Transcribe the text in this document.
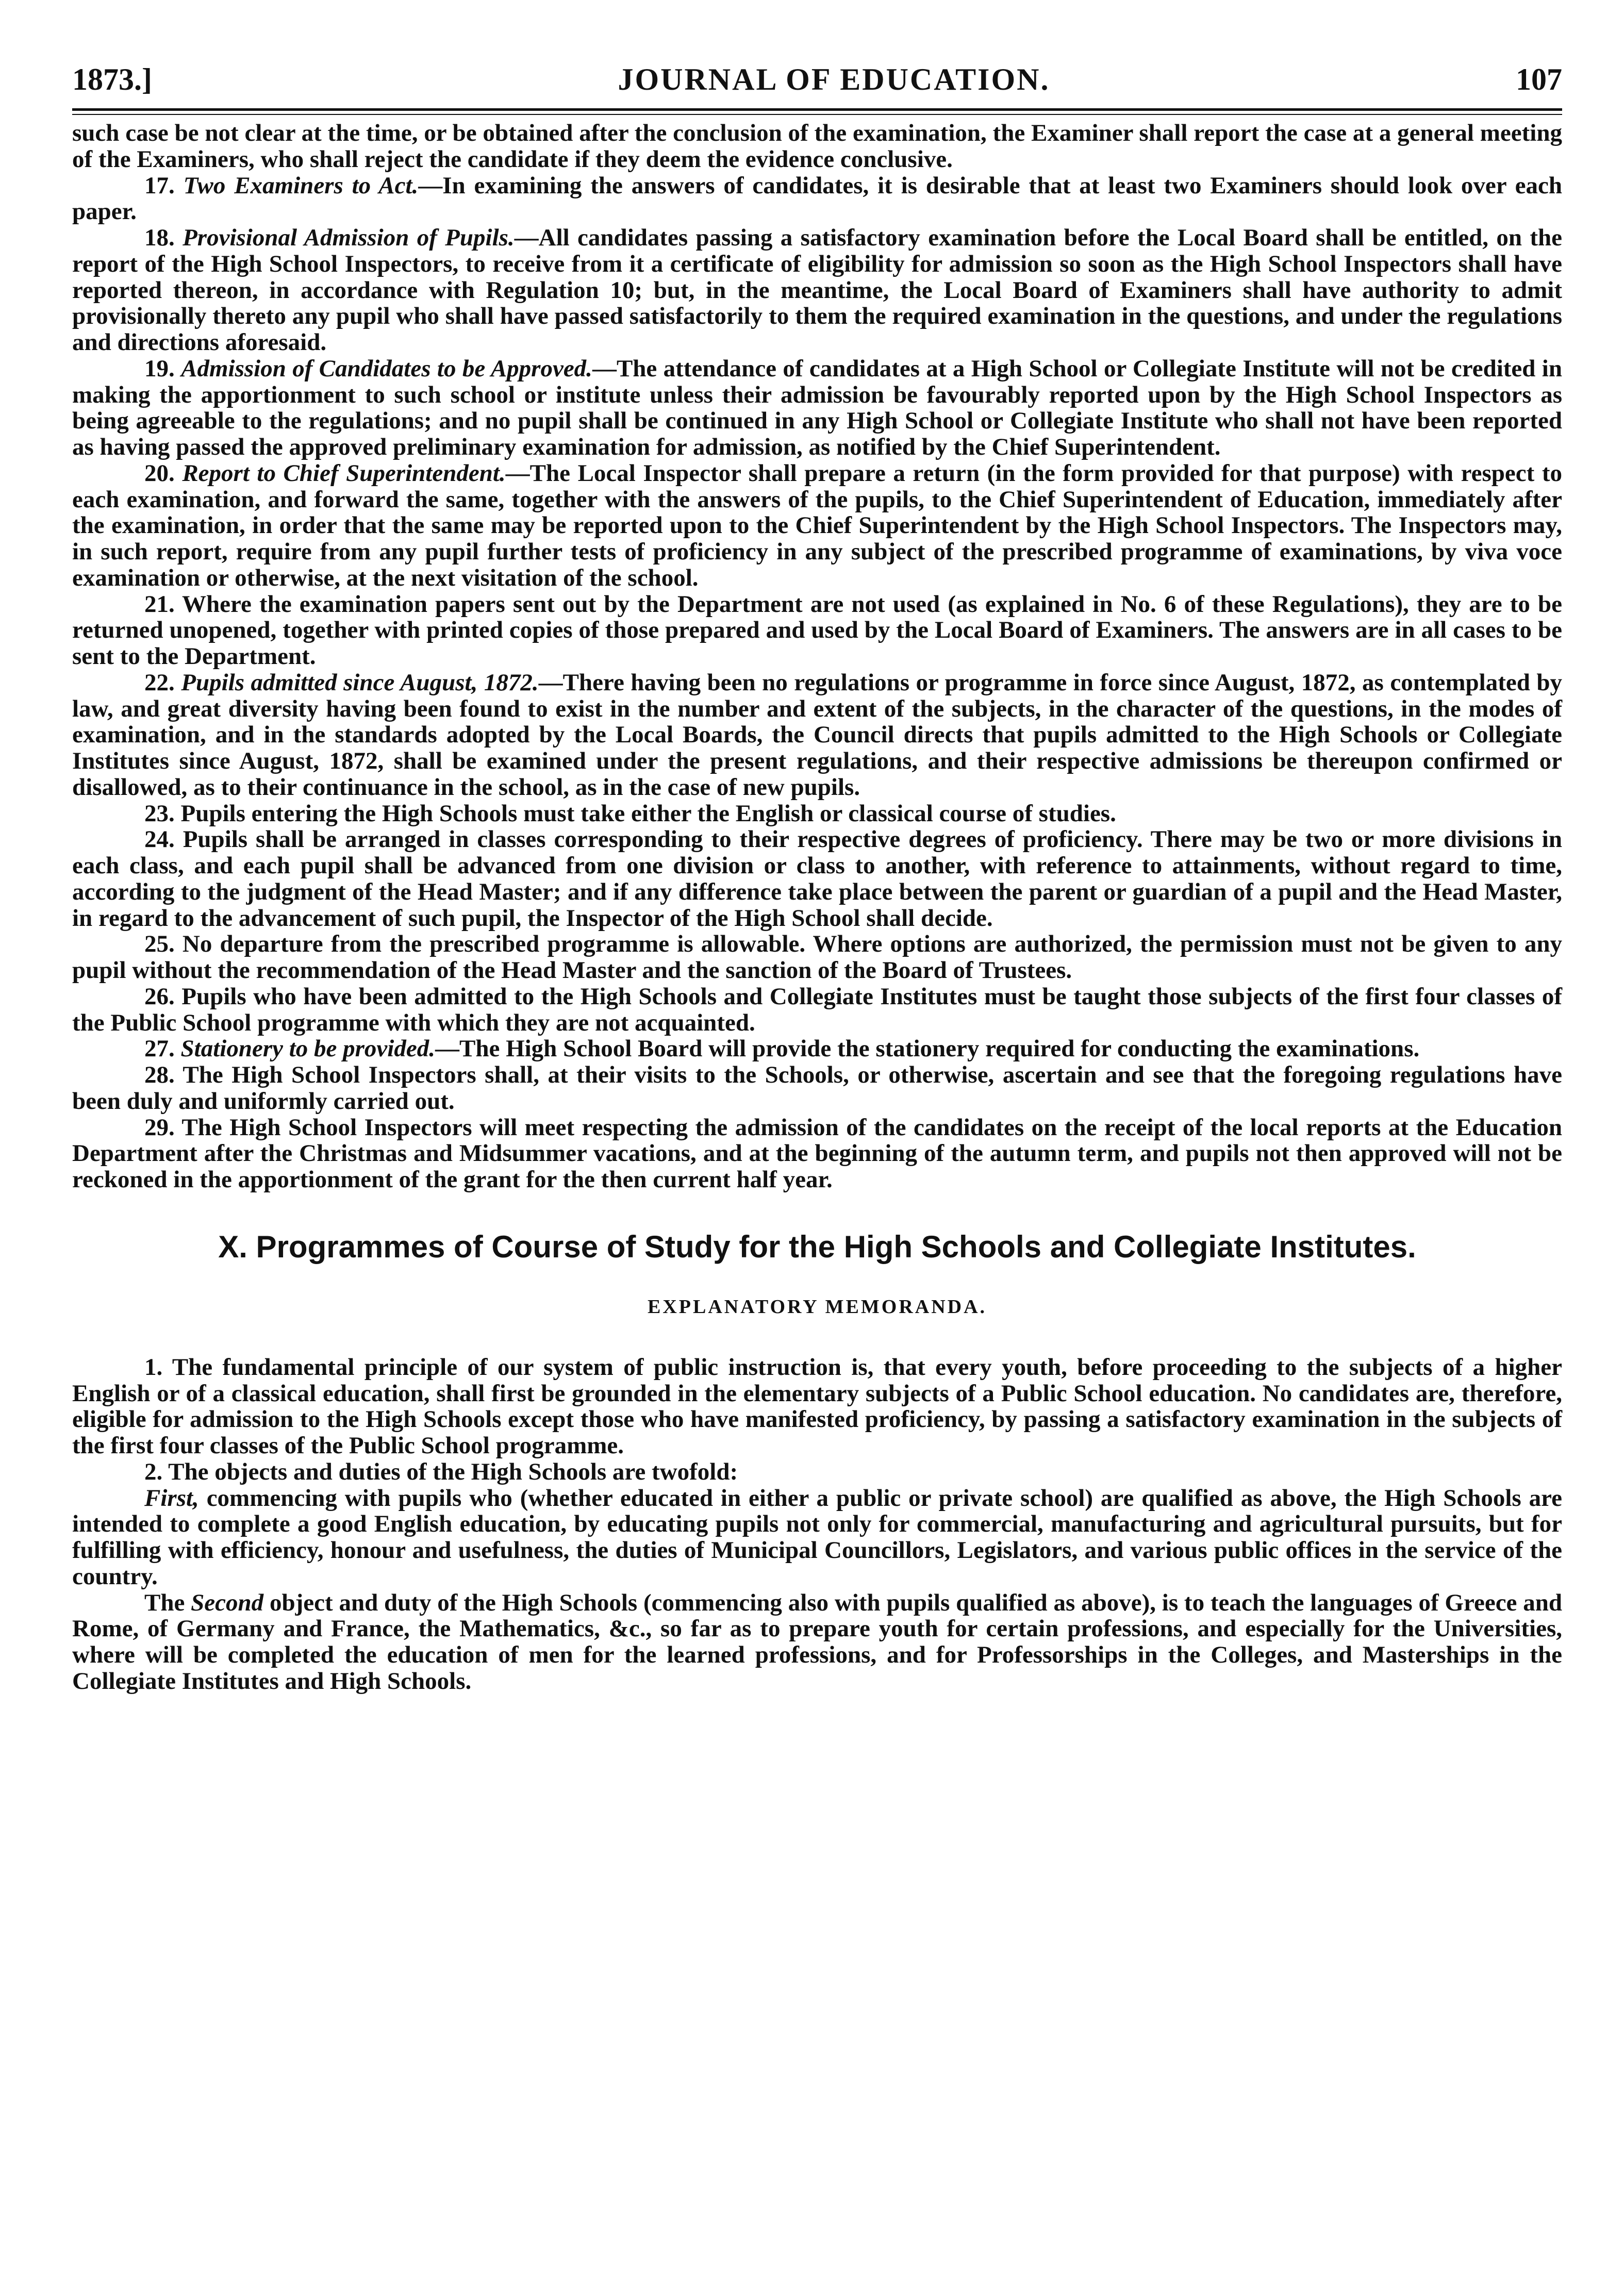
1873.]	JOURNAL OF EDUCATION.	107

such case be not clear at the time, or be obtained after the conclusion of the examination, the Examiner shall report the case at a general meeting of the Examiners, who shall reject the candidate if they deem the evidence conclusive.

17. Two Examiners to Act.—In examining the answers of candidates, it is desirable that at least two Examiners should look over each paper.

18. Provisional Admission of Pupils.—All candidates passing a satisfactory examination before the Local Board shall be entitled, on the report of the High School Inspectors, to receive from it a certificate of eligibility for admission so soon as the High School Inspectors shall have reported thereon, in accordance with Regulation 10; but, in the meantime, the Local Board of Examiners shall have authority to admit provisionally thereto any pupil who shall have passed satisfactorily to them the required examination in the questions, and under the regulations and directions aforesaid.

19. Admission of Candidates to be Approved.—The attendance of candidates at a High School or Collegiate Institute will not be credited in making the apportionment to such school or institute unless their admission be favourably reported upon by the High School Inspectors as being agreeable to the regulations; and no pupil shall be continued in any High School or Collegiate Institute who shall not have been reported as having passed the approved preliminary examination for admission, as notified by the Chief Superintendent.

20. Report to Chief Superintendent.—The Local Inspector shall prepare a return (in the form provided for that purpose) with respect to each examination, and forward the same, together with the answers of the pupils, to the Chief Superintendent of Education, immediately after the examination, in order that the same may be reported upon to the Chief Superintendent by the High School Inspectors. The Inspectors may, in such report, require from any pupil further tests of proficiency in any subject of the prescribed programme of examinations, by viva voce examination or otherwise, at the next visitation of the school.

21. Where the examination papers sent out by the Department are not used (as explained in No. 6 of these Regulations), they are to be returned unopened, together with printed copies of those prepared and used by the Local Board of Examiners. The answers are in all cases to be sent to the Department.

22. Pupils admitted since August, 1872.—There having been no regulations or programme in force since August, 1872, as contemplated by law, and great diversity having been found to exist in the number and extent of the subjects, in the character of the questions, in the modes of examination, and in the standards adopted by the Local Boards, the Council directs that pupils admitted to the High Schools or Collegiate Institutes since August, 1872, shall be examined under the present regulations, and their respective admissions be thereupon confirmed or disallowed, as to their continuance in the school, as in the case of new pupils.

23. Pupils entering the High Schools must take either the English or classical course of studies.

24. Pupils shall be arranged in classes corresponding to their respective degrees of proficiency. There may be two or more divisions in each class, and each pupil shall be advanced from one division or class to another, with reference to attainments, without regard to time, according to the judgment of the Head Master; and if any difference take place between the parent or guardian of a pupil and the Head Master, in regard to the advancement of such pupil, the Inspector of the High School shall decide.

25. No departure from the prescribed programme is allowable. Where options are authorized, the permission must not be given to any pupil without the recommendation of the Head Master and the sanction of the Board of Trustees.

26. Pupils who have been admitted to the High Schools and Collegiate Institutes must be taught those subjects of the first four classes of the Public School programme with which they are not acquainted.

27. Stationery to be provided.—The High School Board will provide the stationery required for conducting the examinations.

28. The High School Inspectors shall, at their visits to the Schools, or otherwise, ascertain and see that the foregoing regulations have been duly and uniformly carried out.

29. The High School Inspectors will meet respecting the admission of the candidates on the receipt of the local reports at the Education Department after the Christmas and Midsummer vacations, and at the beginning of the autumn term, and pupils not then approved will not be reckoned in the apportionment of the grant for the then current half year.

X. Programmes of Course of Study for the High Schools and Collegiate Institutes.
EXPLANATORY MEMORANDA.

1. The fundamental principle of our system of public instruction is, that every youth, before proceeding to the subjects of a higher English or of a classical education, shall first be grounded in the elementary subjects of a Public School education. No candidates are, therefore, eligible for admission to the High Schools except those who have manifested proficiency, by passing a satisfactory examination in the subjects of the first four classes of the Public School programme.

2. The objects and duties of the High Schools are twofold:

First, commencing with pupils who (whether educated in either a public or private school) are qualified as above, the High Schools are intended to complete a good English education, by educating pupils not only for commercial, manufacturing and agricultural pursuits, but for fulfilling with efficiency, honour and usefulness, the duties of Municipal Councillors, Legislators, and various public offices in the service of the country.

The Second object and duty of the High Schools (commencing also with pupils qualified as above), is to teach the languages of Greece and Rome, of Germany and France, the Mathematics, &c., so far as to prepare youth for certain professions, and especially for the Universities, where will be completed the education of men for the learned professions, and for Professorships in the Colleges, and Masterships in the Collegiate Institutes and High Schools.
